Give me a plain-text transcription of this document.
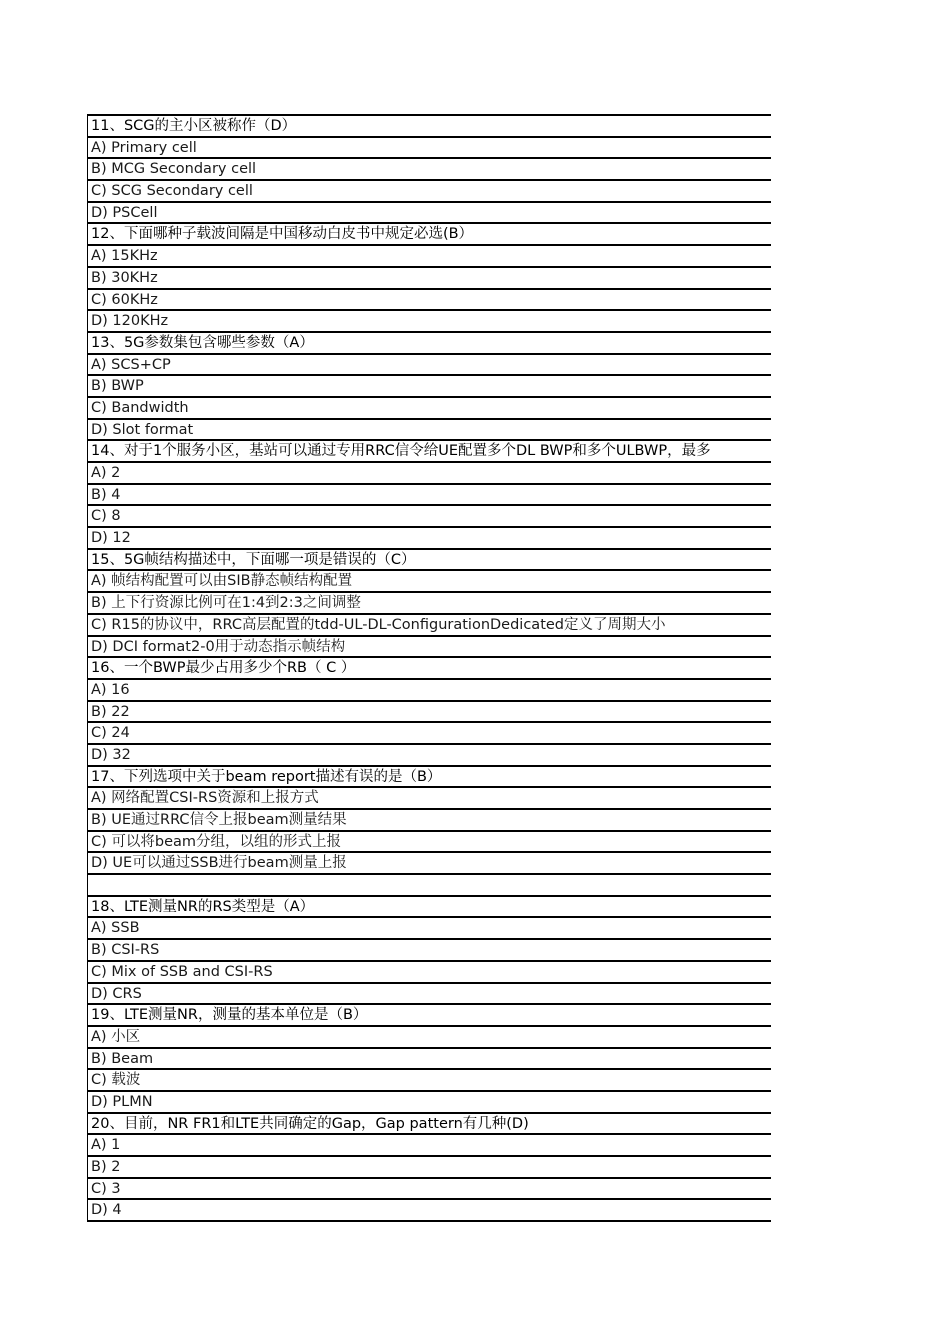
11、SCG的主小区被称作（D）
A) Primary cell
B) MCG Secondary cell
C) SCG Secondary cell
D) PSCell
12、下面哪种子载波间隔是中国移动白皮书中规定必选(B）
A) 15KHz
B) 30KHz
C) 60KHz
D) 120KHz
13、5G参数集包含哪些参数（A）
A) SCS+CP
B) BWP
C) Bandwidth
D) Slot format
14、对于1个服务小区，基站可以通过专用RRC信令给UE配置多个DL BWP和多个ULBWP，最多
A) 2
B) 4
C) 8
D) 12
15、5G帧结构描述中，下面哪一项是错误的（C）
A) 帧结构配置可以由SIB静态帧结构配置
B) 上下行资源比例可在1:4到2:3之间调整
C) R15的协议中，RRC高层配置的tdd-UL-DL-ConfigurationDedicated定义了周期大小
D) DCI format2-0用于动态指示帧结构
16、一个BWP最少占用多少个RB（ C ）
A) 16
B) 22
C) 24
D) 32
17、下列选项中关于beam report描述有误的是（B）
A) 网络配置CSI-RS资源和上报方式
B) UE通过RRC信令上报beam测量结果
C) 可以将beam分组，以组的形式上报
D) UE可以通过SSB进行beam测量上报
18、LTE测量NR的RS类型是（A）
A) SSB
B) CSI-RS
C) Mix of SSB and CSI-RS
D) CRS
19、LTE测量NR，测量的基本单位是（B）
A) 小区
B) Beam
C) 载波
D) PLMN
20、目前，NR FR1和LTE共同确定的Gap，Gap pattern有几种(D)
A) 1
B) 2
C) 3
D) 4
